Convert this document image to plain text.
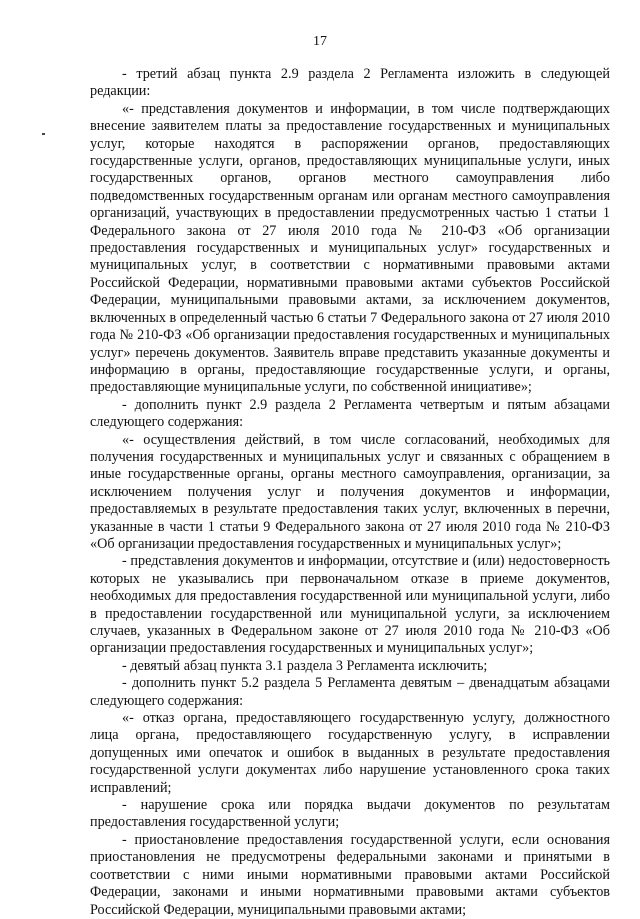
17

- третий абзац пункта 2.9 раздела 2 Регламента изложить в следующей редакции:

«- представления документов и информации, в том числе подтверждающих внесение заявителем платы за предоставление государственных и муниципальных услуг, которые находятся в распоряжении органов, предоставляющих государственные услуги, органов, предоставляющих муниципальные услуги, иных государственных органов, органов местного самоуправления либо подведомственных государственным органам или органам местного самоуправления организаций, участвующих в предоставлении предусмотренных частью 1 статьи 1 Федерального закона от 27 июля 2010 года № 210-ФЗ «Об организации предоставления государственных и муниципальных услуг» государственных и муниципальных услуг, в соответствии с нормативными правовыми актами Российской Федерации, нормативными правовыми актами субъектов Российской Федерации, муниципальными правовыми актами, за исключением документов, включенных в определенный частью 6 статьи 7 Федерального закона от 27 июля 2010 года № 210-ФЗ «Об организации предоставления государственных и муниципальных услуг» перечень документов. Заявитель вправе представить указанные документы и информацию в органы, предоставляющие государственные услуги, и органы, предоставляющие муниципальные услуги, по собственной инициативе»;

- дополнить пункт 2.9 раздела 2 Регламента четвертым и пятым абзацами следующего содержания:

«- осуществления действий, в том числе согласований, необходимых для получения государственных и муниципальных услуг и связанных с обращением в иные государственные органы, органы местного самоуправления, организации, за исключением получения услуг и получения документов и информации, предоставляемых в результате предоставления таких услуг, включенных в перечни, указанные в части 1 статьи 9 Федерального закона от 27 июля 2010 года № 210-ФЗ «Об организации предоставления государственных и муниципальных услуг»;

- представления документов и информации, отсутствие и (или) недостоверность которых не указывались при первоначальном отказе в приеме документов, необходимых для предоставления государственной или муниципальной услуги, либо в предоставлении государственной или муниципальной услуги, за исключением случаев, указанных в Федеральном законе от 27 июля 2010 года № 210-ФЗ «Об организации предоставления государственных и муниципальных услуг»;

- девятый абзац пункта 3.1 раздела 3 Регламента исключить;

- дополнить пункт 5.2 раздела 5 Регламента девятым – двенадцатым абзацами следующего содержания:

«- отказ органа, предоставляющего государственную услугу, должностного лица органа, предоставляющего государственную услугу, в исправлении допущенных ими опечаток и ошибок в выданных в результате предоставления государственной услуги документах либо нарушение установленного срока таких исправлений;

- нарушение срока или порядка выдачи документов по результатам предоставления государственной услуги;

- приостановление предоставления государственной услуги, если основания приостановления не предусмотрены федеральными законами и принятыми в соответствии с ними иными нормативными правовыми актами Российской Федерации, законами и иными нормативными правовыми актами субъектов Российской Федерации, муниципальными правовыми актами;
